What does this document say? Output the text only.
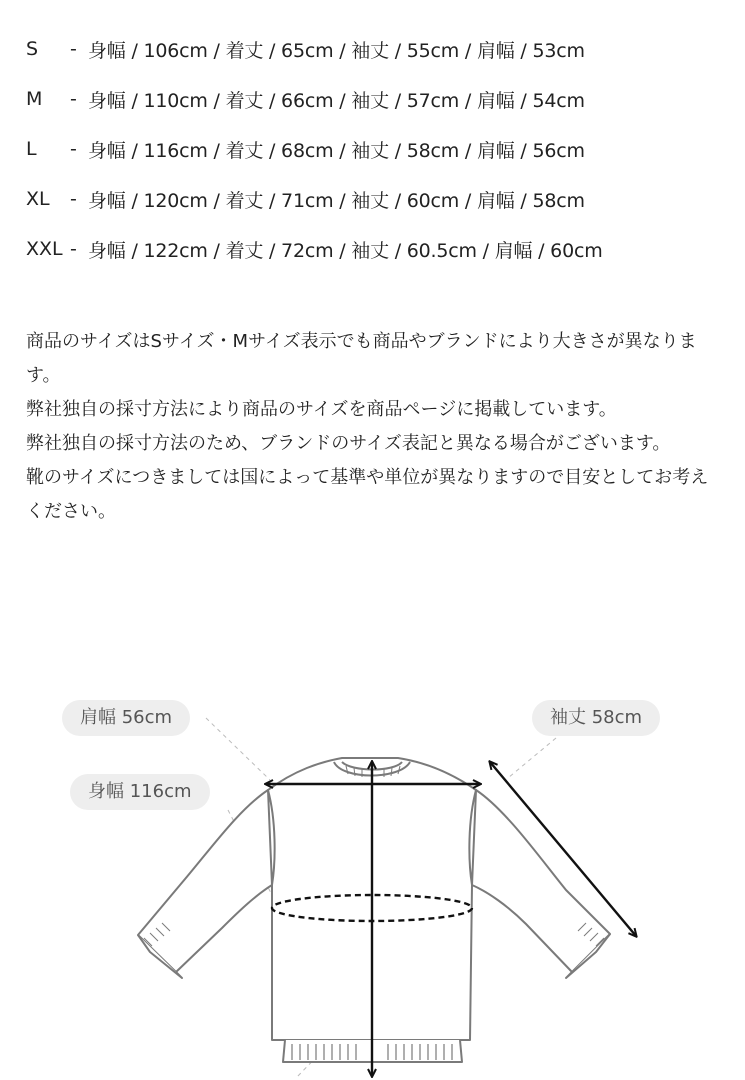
S	- 身幅 / 106cm / 着丈 / 65cm / 袖丈 / 55cm / 肩幅 / 53cm
M	- 身幅 / 110cm / 着丈 / 66cm / 袖丈 / 57cm / 肩幅 / 54cm
L	- 身幅 / 116cm / 着丈 / 68cm / 袖丈 / 58cm / 肩幅 / 56cm
XL	- 身幅 / 120cm / 着丈 / 71cm / 袖丈 / 60cm / 肩幅 / 58cm
XXL - 身幅 / 122cm / 着丈 / 72cm / 袖丈 / 60.5cm / 肩幅 / 60cm

商品のサイズはSサイズ・Mサイズ表示でも商品やブランドにより大きさが異なります。

弊社独自の採寸方法により商品のサイズを商品ページに掲載しています。

弊社独自の採寸方法のため、ブランドのサイズ表記と異なる場合がございます。

靴のサイズにつきましては国によって基準や単位が異なりますので目安としてお考えください。

肩幅 56cm
身幅 116cm
袖丈 58cm
